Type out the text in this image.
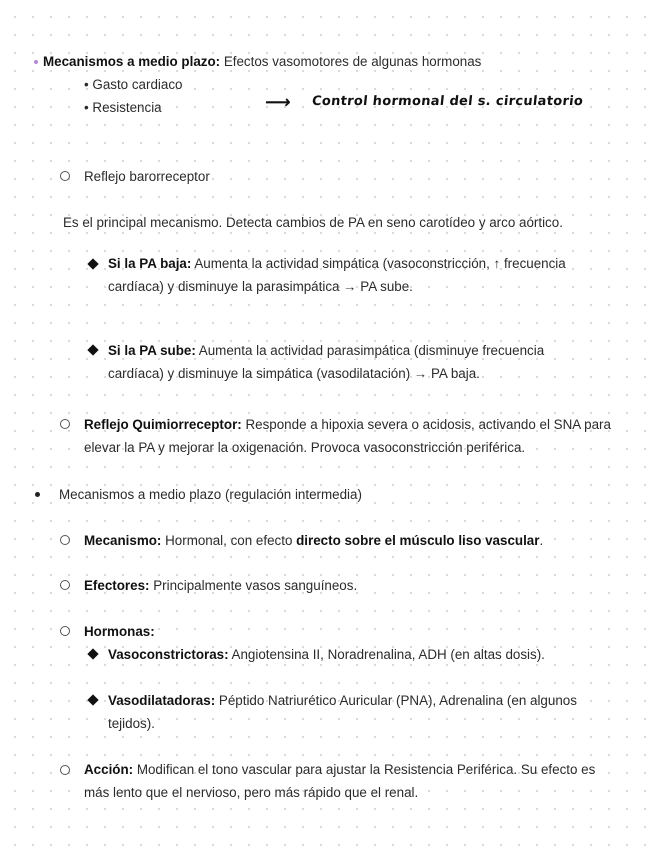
Mecanismos a medio plazo: Efectos vasomotores de algunas hormonas
• Gasto cardiaco
• Resistencia	⟶ Control hormonal del s. circulatorio
Reflejo barorreceptor
Es el principal mecanismo. Detecta cambios de PA en seno carotídeo y arco aórtico.
Si la PA baja: Aumenta la actividad simpática (vasoconstricción, ↑ frecuencia cardíaca) y disminuye la parasimpática → PA sube.
Si la PA sube: Aumenta la actividad parasimpática (disminuye frecuencia cardíaca) y disminuye la simpática (vasodilatación) → PA baja.
Reflejo Quimiorreceptor: Responde a hipoxia severa o acidosis, activando el SNA para elevar la PA y mejorar la oxigenación. Provoca vasoconstricción periférica.
Mecanismos a medio plazo (regulación intermedia)
Mecanismo: Hormonal, con efecto directo sobre el músculo liso vascular.
Efectores: Principalmente vasos sanguíneos.
Hormonas:
Vasoconstrictoras: Angiotensina II, Noradrenalina, ADH (en altas dosis).
Vasodilatadoras: Péptido Natriurético Auricular (PNA), Adrenalina (en algunos tejidos).
Acción: Modifican el tono vascular para ajustar la Resistencia Periférica. Su efecto es más lento que el nervioso, pero más rápido que el renal.
